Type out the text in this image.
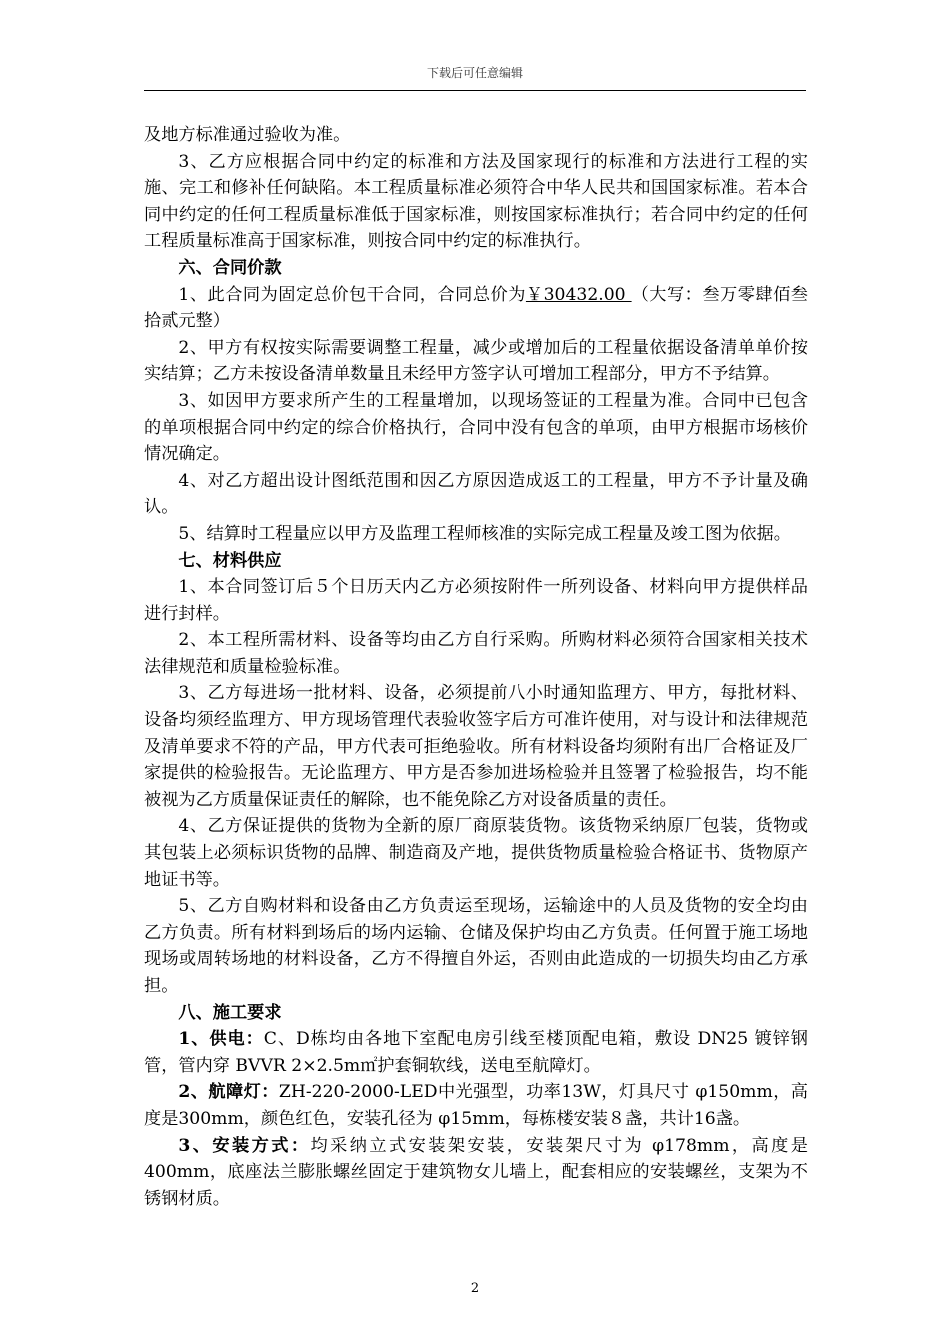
下载后可任意编辑

及地方标准通过验收为准。

3、乙方应根据合同中约定的标准和方法及国家现行的标准和方法进行工程的实施、完工和修补任何缺陷。本工程质量标准必须符合中华人民共和国国家标准。若本合同中约定的任何工程质量标准低于国家标准，则按国家标准执行；若合同中约定的任何工程质量标准高于国家标准，则按合同中约定的标准执行。

六、合同价款

1、此合同为固定总价包干合同，合同总价为￥30432.00 （大写：叁万零肆佰叁拾贰元整）

2、甲方有权按实际需要调整工程量，减少或增加后的工程量依据设备清单单价按实结算；乙方未按设备清单数量且未经甲方签字认可增加工程部分，甲方不予结算。

3、如因甲方要求所产生的工程量增加，以现场签证的工程量为准。合同中已包含的单项根据合同中约定的综合价格执行，合同中没有包含的单项，由甲方根据市场核价情况确定。

4、对乙方超出设计图纸范围和因乙方原因造成返工的工程量，甲方不予计量及确认。

5、结算时工程量应以甲方及监理工程师核准的实际完成工程量及竣工图为依据。

七、材料供应

1、本合同签订后５个日历天内乙方必须按附件一所列设备、材料向甲方提供样品进行封样。

2、本工程所需材料、设备等均由乙方自行采购。所购材料必须符合国家相关技术法律规范和质量检验标准。

3、乙方每进场一批材料、设备，必须提前八小时通知监理方、甲方，每批材料、设备均须经监理方、甲方现场管理代表验收签字后方可准许使用，对与设计和法律规范及清单要求不符的产品，甲方代表可拒绝验收。所有材料设备均须附有出厂合格证及厂家提供的检验报告。无论监理方、甲方是否参加进场检验并且签署了检验报告，均不能被视为乙方质量保证责任的解除，也不能免除乙方对设备质量的责任。

4、乙方保证提供的货物为全新的原厂商原装货物。该货物采纳原厂包装，货物或其包装上必须标识货物的品牌、制造商及产地，提供货物质量检验合格证书、货物原产地证书等。

5、乙方自购材料和设备由乙方负责运至现场，运输途中的人员及货物的安全均由乙方负责。所有材料到场后的场内运输、仓储及保护均由乙方负责。任何置于施工场地现场或周转场地的材料设备，乙方不得擅自外运，否则由此造成的一切损失均由乙方承担。

八、施工要求

1、供电：C、D栋均由各地下室配电房引线至楼顶配电箱，敷设 DN25 镀锌钢管，管内穿 BVVR 2×2.5m㎡护套铜软线，送电至航障灯。

2、航障灯：ZH-220-2000-LED中光强型，功率13W，灯具尺寸 φ150mm，高度是300mm，颜色红色，安装孔径为 φ15mm，每栋楼安装８盏，共计16盏。

3、安装方式：均采纳立式安装架安装，安装架尺寸为 φ178mm，高度是400mm，底座法兰膨胀螺丝固定于建筑物女儿墙上，配套相应的安装螺丝，支架为不锈钢材质。

2
